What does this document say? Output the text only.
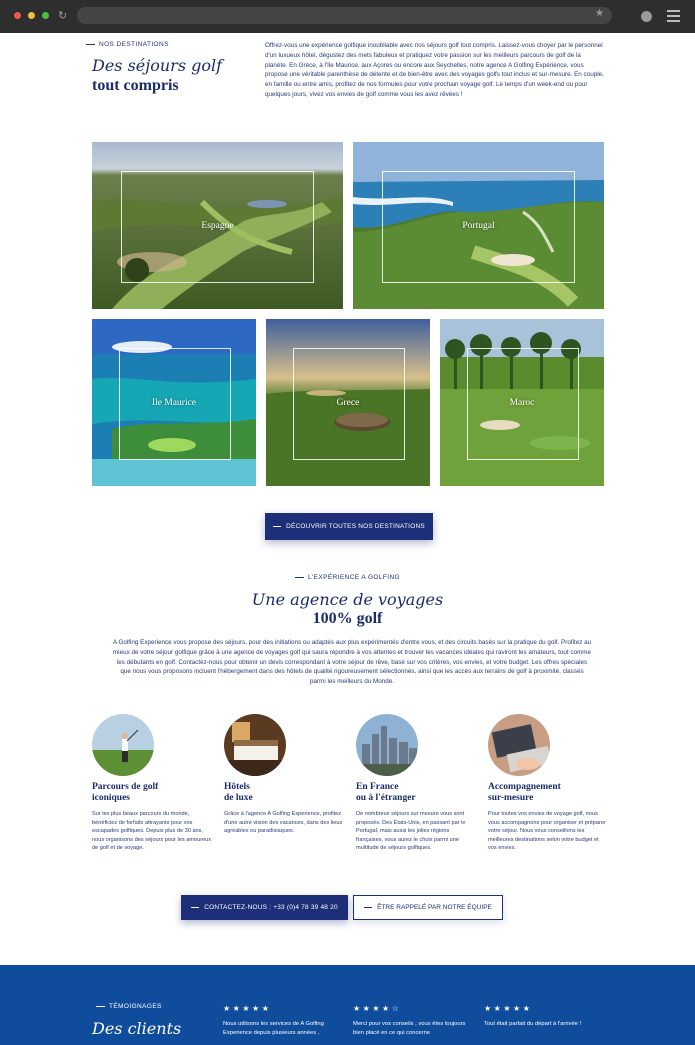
↻	★
NOS DESTINATIONS
Des séjours golf
tout compris
Offrez-vous une expérience golfique inoubliable avec nos séjours golf tout compris. Laissez-vous choyer par le personnel d'un luxueux hôtel, dégustez des mets fabuleux et pratiquez votre passion sur les meilleurs parcours de golf de la planète. En Grèce, à l'île Maurice, aux Açores ou encore aux Seychelles, notre agence A Golfing Expérience, vous propose une véritable parenthèse de détente et de bien-être avec des voyages golfs tout inclus et sur-mesure. En couple, en famille ou entre amis, profitez de nos formules pour votre prochain voyage golf. Le temps d'un week-end ou pour quelques jours, vivez vos envies de golf comme vous les avez rêvées !
Espagne	Portugal
Ile Maurice	Grece	Maroc
DÉCOUVRIR TOUTES NOS DESTINATIONS
L'EXPÉRIENCE A GOLFING
Une agence de voyages
100% golf
A Golfing Experience vous propose des séjours, pour des initiations ou adaptés aux plus expérimentés d'entre vous, et des circuits basés sur la pratique du golf. Profitez au mieux de votre séjour golfique grâce à une agence de voyages golf qui saura répondre à vos attentes et trouver les vacances idéales qui raviront les amateurs, tout comme les débutants en golf. Contactez-nous pour obtenir un devis correspondant à votre séjour de rêve, basé sur vos critères, vos envies, et votre budget. Les offres spéciales que nous vous proposons incluent l'hébergement dans des hôtels de qualité rigoureusement sélectionnés, ainsi que les accès aux terrains de golf à proximité, classés parmi les meilleurs du Monde.
Parcours de golf
iconiques
Sur les plus beaux parcours du monde, bénéficiez de forfaits attrayants pour vos escapades golfiques. Depuis plus de 30 ans, nous organisons des séjours pour les amoureux de golf et de voyage.
Hôtels
de luxe
Grâce à l'agence A Golfing Experience, profitez d'une autre vision des vacances, dans des lieux agréables ou paradisiaques.
En France
ou à l'étranger
De nombreux séjours sur mesure vous sont proposés. Des États-Unis, en passant par le Portugal, mais aussi les jolies régions françaises, vous aurez le choix parmi une multitude de séjours golfiques.
Accompagnement
sur-mesure
Pour toutes vos envies de voyage golf, nous vous accompagnons pour organiser et préparer votre séjour. Nous vous conseillons les meilleures destinations selon votre budget et vos envies.
CONTACTEZ-NOUS : +33 (0)4 78 39 48 20	ÊTRE RAPPELÉ PAR NOTRE ÉQUIPE
TÉMOIGNAGES
Des clients
★★★★★
Nous utilisons les services de A Golfing Experience depuis plusieurs années ,
★★★★☆
Merci pour vos conseils , vous êtes toujours bien placé en ce qui concerne
★★★★★
Tout était parfait du départ à l'arrivée !
